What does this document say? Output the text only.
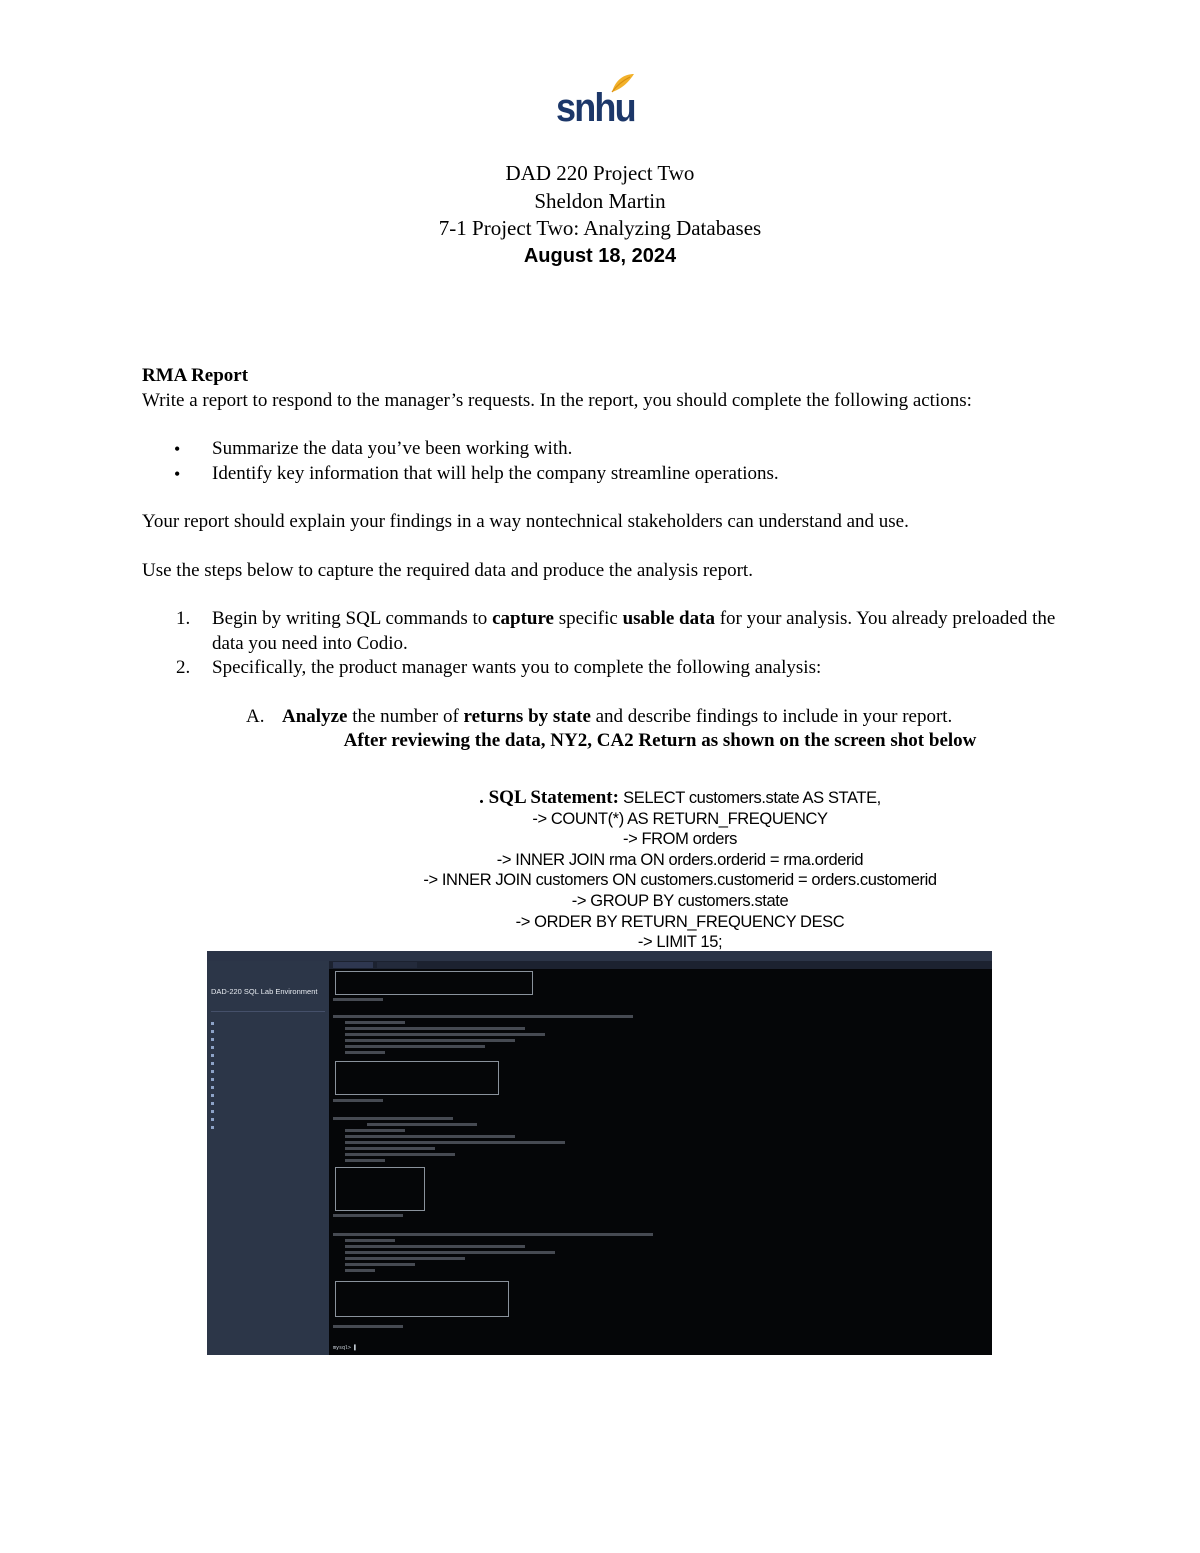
snhu
DAD 220 Project Two
Sheldon Martin
7-1 Project Two: Analyzing Databases
August 18, 2024

RMA Report

Write a report to respond to the manager’s requests. In the report, you should complete the following actions:

• Summarize the data you’ve been working with.
• Identify key information that will help the company streamline operations.

Your report should explain your findings in a way nontechnical stakeholders can understand and use.

Use the steps below to capture the required data and produce the analysis report.

1. Begin by writing SQL commands to capture specific usable data for your analysis. You already preloaded the data you need into Codio.
2. Specifically, the product manager wants you to complete the following analysis:
A. Analyze the number of returns by state and describe findings to include in your report.
After reviewing the data, NY2, CA2 Return as shown on the screen shot below
. SQL Statement: SELECT customers.state AS STATE,
-> COUNT(*) AS RETURN_FREQUENCY
-> FROM orders
-> INNER JOIN rma ON orders.orderid = rma.orderid
-> INNER JOIN customers ON customers.customerid = orders.customerid
-> GROUP BY customers.state
-> ORDER BY RETURN_FREQUENCY DESC
-> LIMIT 15;
DAD-220 SQL Lab Environment
mysql> ▌
